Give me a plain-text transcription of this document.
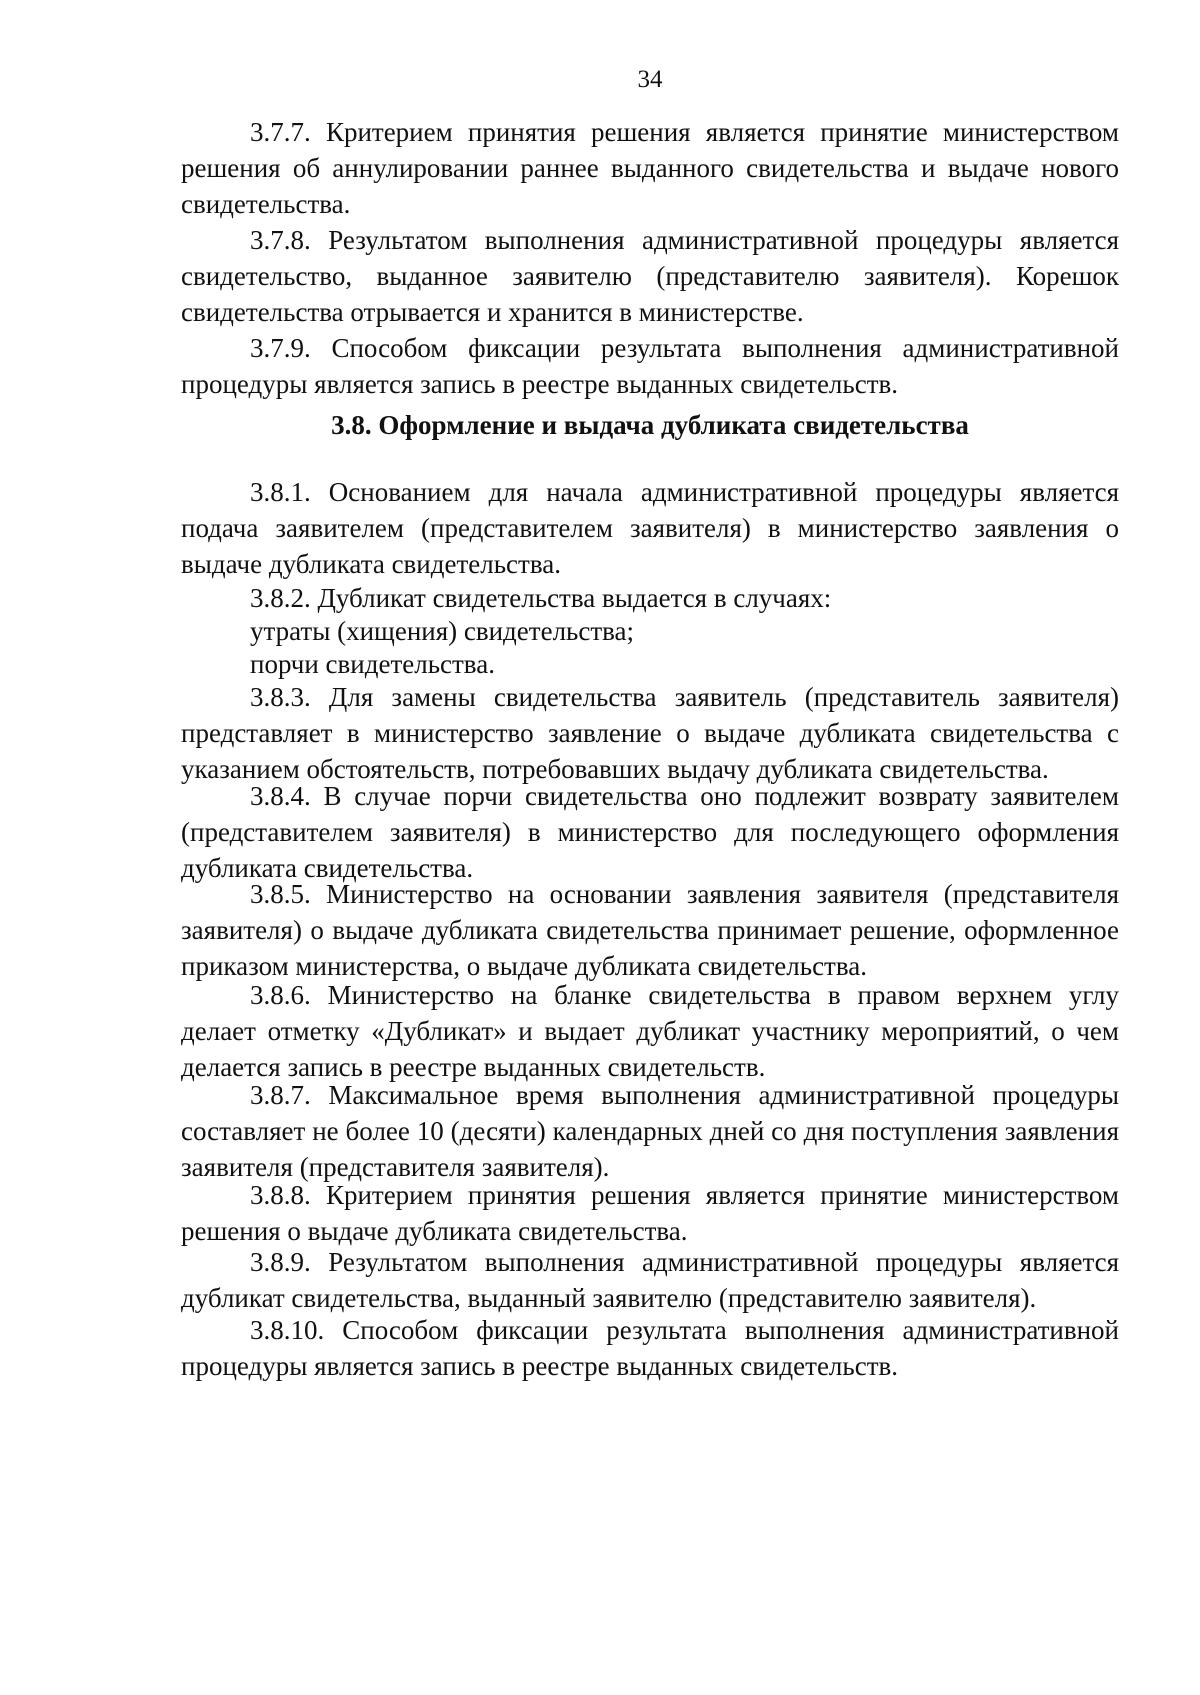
34

3.7.7. Критерием принятия решения является принятие министерством решения об аннулировании раннее выданного свидетельства и выдаче нового свидетельства.

3.7.8. Результатом выполнения административной процедуры является свидетельство, выданное заявителю (представителю заявителя). Корешок свидетельства отрывается и хранится в министерстве.

3.7.9. Способом фиксации результата выполнения административной процедуры является запись в реестре выданных свидетельств.

3.8. Оформление и выдача дубликата свидетельства

3.8.1. Основанием для начала административной процедуры является подача заявителем (представителем заявителя) в министерство заявления о выдаче дубликата свидетельства.

3.8.2. Дубликат свидетельства выдается в случаях:

утраты (хищения) свидетельства;

порчи свидетельства.

3.8.3. Для замены свидетельства заявитель (представитель заявителя) представляет в министерство заявление о выдаче дубликата свидетельства с указанием обстоятельств, потребовавших выдачу дубликата свидетельства.

3.8.4. В случае порчи свидетельства оно подлежит возврату заявителем (представителем заявителя) в министерство для последующего оформления дубликата свидетельства.

3.8.5. Министерство на основании заявления заявителя (представителя заявителя) о выдаче дубликата свидетельства принимает решение, оформленное приказом министерства, о выдаче дубликата свидетельства.

3.8.6. Министерство на бланке свидетельства в правом верхнем углу делает отметку «Дубликат» и выдает дубликат участнику мероприятий, о чем делается запись в реестре выданных свидетельств.

3.8.7. Максимальное время выполнения административной процедуры составляет не более 10 (десяти) календарных дней со дня поступления заявления заявителя (представителя заявителя).

3.8.8. Критерием принятия решения является принятие министерством решения о выдаче дубликата свидетельства.

3.8.9. Результатом выполнения административной процедуры является дубликат свидетельства, выданный заявителю (представителю заявителя).

3.8.10. Способом фиксации результата выполнения административной процедуры является запись в реестре выданных свидетельств.
